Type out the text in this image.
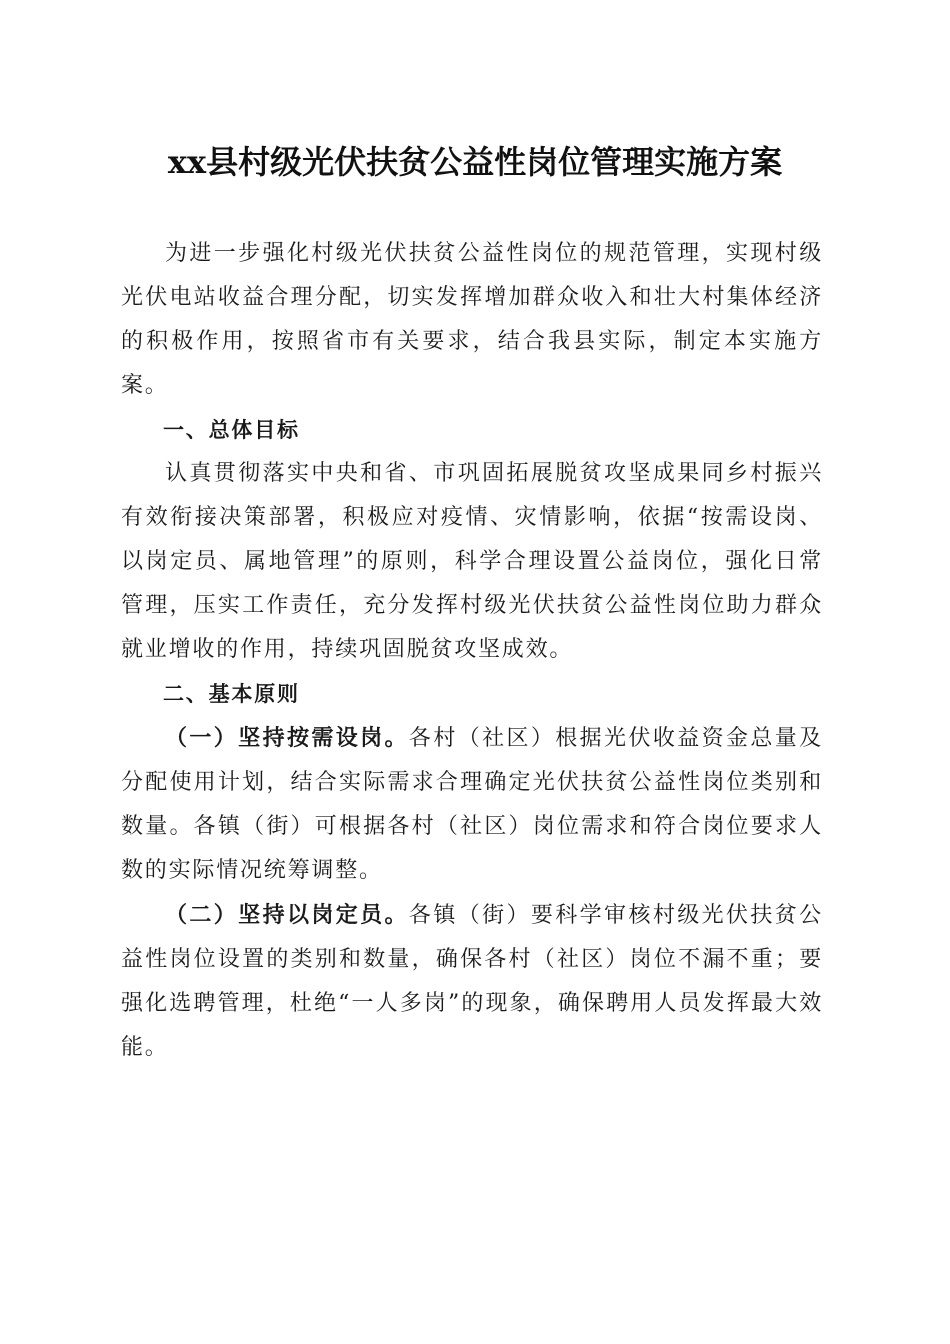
xx县村级光伏扶贫公益性岗位管理实施方案

为进一步强化村级光伏扶贫公益性岗位的规范管理，实现村级光伏电站收益合理分配，切实发挥增加群众收入和壮大村集体经济的积极作用，按照省市有关要求，结合我县实际，制定本实施方案。

一、总体目标

认真贯彻落实中央和省、市巩固拓展脱贫攻坚成果同乡村振兴有效衔接决策部署，积极应对疫情、灾情影响，依据“按需设岗、以岗定员、属地管理”的原则，科学合理设置公益岗位，强化日常管理，压实工作责任，充分发挥村级光伏扶贫公益性岗位助力群众就业增收的作用，持续巩固脱贫攻坚成效。

二、基本原则

（一）坚持按需设岗。各村（社区）根据光伏收益资金总量及分配使用计划，结合实际需求合理确定光伏扶贫公益性岗位类别和数量。各镇（街）可根据各村（社区）岗位需求和符合岗位要求人数的实际情况统筹调整。

（二）坚持以岗定员。各镇（街）要科学审核村级光伏扶贫公益性岗位设置的类别和数量，确保各村（社区）岗位不漏不重；要强化选聘管理，杜绝“一人多岗”的现象，确保聘用人员发挥最大效能。
